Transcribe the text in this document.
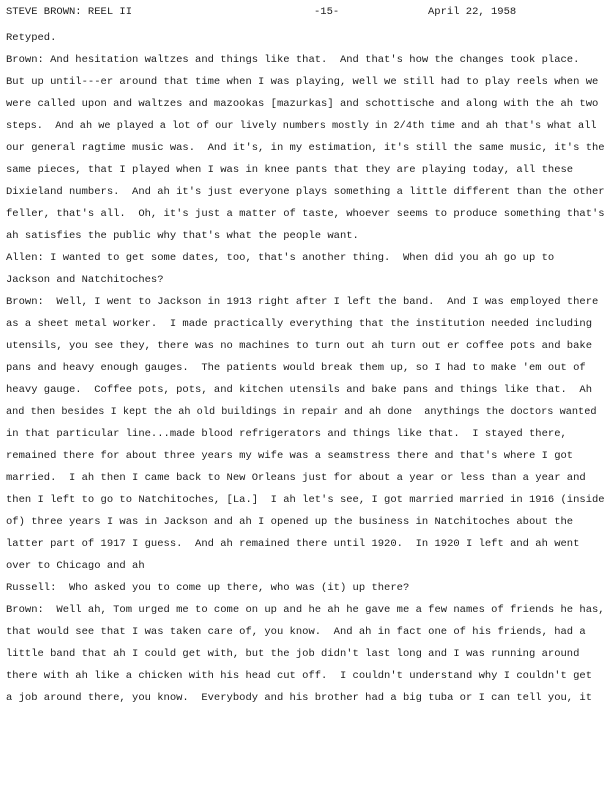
STEVE BROWN: REEL II	-15-	April 22, 1958
Retyped.
Brown: And hesitation waltzes and things like that.  And that's how the changes took place.
But up until---er around that time when I was playing, well we still had to play reels when we
were called upon and waltzes and mazookas [mazurkas] and schottische and along with the ah two
steps.  And ah we played a lot of our lively numbers mostly in 2/4th time and ah that's what all
our general ragtime music was.  And it's, in my estimation, it's still the same music, it's the
same pieces, that I played when I was in knee pants that they are playing today, all these
Dixieland numbers.  And ah it's just everyone plays something a little different than the other
feller, that's all.  Oh, it's just a matter of taste, whoever seems to produce something that's
ah satisfies the public why that's what the people want.
Allen: I wanted to get some dates, too, that's another thing.  When did you ah go up to
Jackson and Natchitoches?
Brown:  Well, I went to Jackson in 1913 right after I left the band.  And I was employed there
as a sheet metal worker.  I made practically everything that the institution needed including
utensils, you see they, there was no machines to turn out ah turn out er coffee pots and bake
pans and heavy enough gauges.  The patients would break them up, so I had to make 'em out of
heavy gauge.  Coffee pots, pots, and kitchen utensils and bake pans and things like that.  Ah
and then besides I kept the ah old buildings in repair and ah done  anythings the doctors wanted
in that particular line...made blood refrigerators and things like that.  I stayed there,
remained there for about three years my wife was a seamstress there and that's where I got
married.  I ah then I came back to New Orleans just for about a year or less than a year and
then I left to go to Natchitoches, [La.]  I ah let's see, I got married married in 1916 (inside
of) three years I was in Jackson and ah I opened up the business in Natchitoches about the
latter part of 1917 I guess.  And ah remained there until 1920.  In 1920 I left and ah went
over to Chicago and ah
Russell:  Who asked you to come up there, who was (it) up there?
Brown:  Well ah, Tom urged me to come on up and he ah he gave me a few names of friends he has,
that would see that I was taken care of, you know.  And ah in fact one of his friends, had a
little band that ah I could get with, but the job didn't last long and I was running around
there with ah like a chicken with his head cut off.  I couldn't understand why I couldn't get
a job around there, you know.  Everybody and his brother had a big tuba or I can tell you, it
